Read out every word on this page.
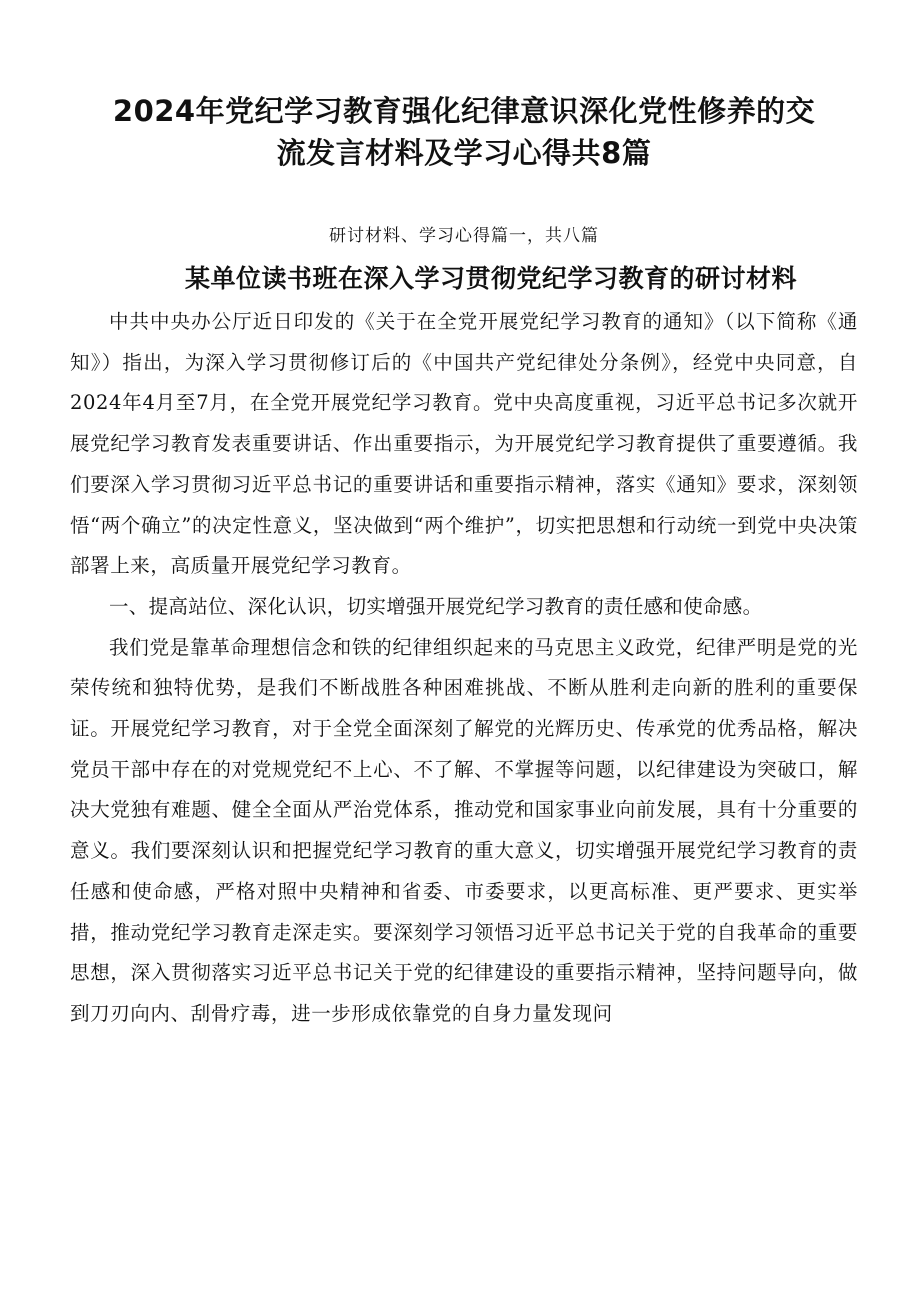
2024年党纪学习教育强化纪律意识深化党性修养的交
流发言材料及学习心得共8篇
研讨材料、学习心得篇一，共八篇
某单位读书班在深入学习贯彻党纪学习教育的研讨材料

中共中央办公厅近日印发的《关于在全党开展党纪学习教育的通知》（以下简称《通知》）指出，为深入学习贯彻修订后的《中国共产党纪律处分条例》，经党中央同意，自2024年4月至7月，在全党开展党纪学习教育。党中央高度重视，习近平总书记多次就开展党纪学习教育发表重要讲话、作出重要指示，为开展党纪学习教育提供了重要遵循。我们要深入学习贯彻习近平总书记的重要讲话和重要指示精神，落实《通知》要求，深刻领悟“两个确立”的决定性意义，坚决做到“两个维护”，切实把思想和行动统一到党中央决策部署上来，高质量开展党纪学习教育。

一、提高站位、深化认识，切实增强开展党纪学习教育的责任感和使命感。

我们党是靠革命理想信念和铁的纪律组织起来的马克思主义政党，纪律严明是党的光荣传统和独特优势，是我们不断战胜各种困难挑战、不断从胜利走向新的胜利的重要保证。开展党纪学习教育，对于全党全面深刻了解党的光辉历史、传承党的优秀品格，解决党员干部中存在的对党规党纪不上心、不了解、不掌握等问题，以纪律建设为突破口，解决大党独有难题、健全全面从严治党体系，推动党和国家事业向前发展，具有十分重要的意义。我们要深刻认识和把握党纪学习教育的重大意义，切实增强开展党纪学习教育的责任感和使命感，严格对照中央精神和省委、市委要求，以更高标准、更严要求、更实举措，推动党纪学习教育走深走实。要深刻学习领悟习近平总书记关于党的自我革命的重要思想，深入贯彻落实习近平总书记关于党的纪律建设的重要指示精神，坚持问题导向，做到刀刃向内、刮骨疗毒，进一步形成依靠党的自身力量发现问
